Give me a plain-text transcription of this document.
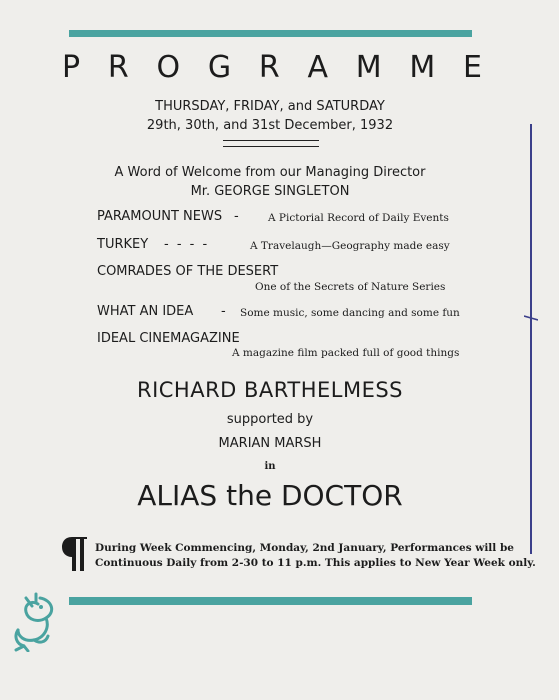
P R O G R A M M E
THURSDAY, FRIDAY, and SATURDAY
29th, 30th, and 31st December, 1932
A Word of Welcome from our Managing Director
Mr. GEORGE SINGLETON
PARAMOUNT NEWS -	A Pictorial Record of Daily Events
TURKEY - - - -	A Travelaugh—Geography made easy
COMRADES OF THE DESERT
One of the Secrets of Nature Series
WHAT AN IDEA - Some music, some dancing and some fun
IDEAL CINEMAGAZINE
A magazine film packed full of good things
RICHARD BARTHELMESS
supported by
MARIAN MARSH
in
ALIAS the DOCTOR
During Week Commencing, Monday, 2nd January, Performances will be
Continuous Daily from 2-30 to 11 p.m. This applies to New Year Week only.
